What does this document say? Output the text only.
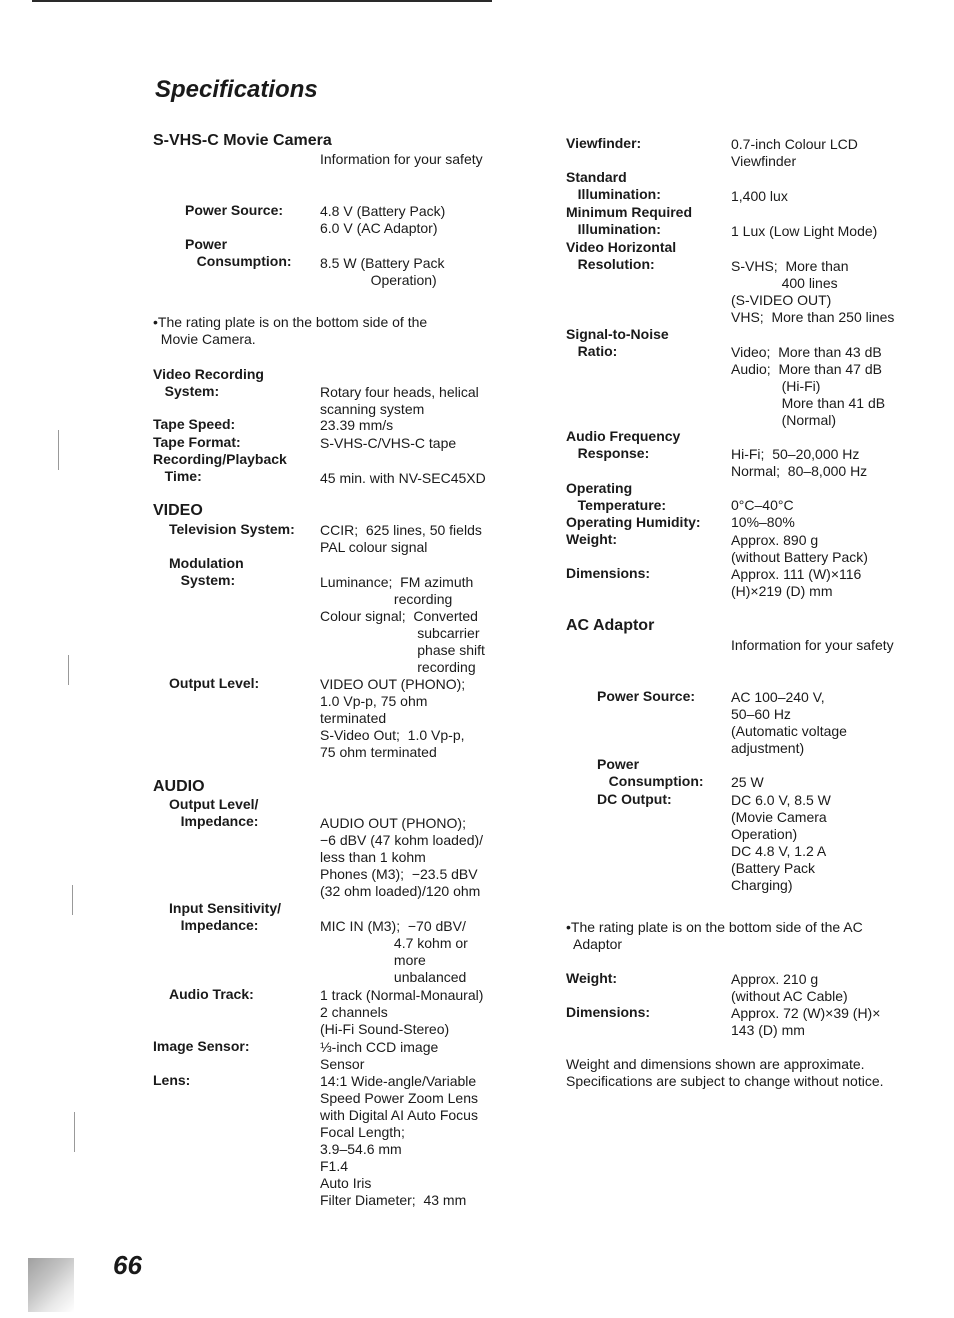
Specifications
S-VHS-C Movie Camera
Information for your safety
Power Source:	4.8 V (Battery Pack)
6.0 V (AC Adaptor)
Power
Consumption: 8.5 W (Battery Pack
Operation)
•The rating plate is on the bottom side of the
Movie Camera.
Video Recording
System:	Rotary four heads, helical
scanning system
Tape Speed:	23.39 mm/s
Tape Format:	S-VHS-C/VHS-C tape
Recording/Playback
Time:	45 min. with NV-SEC45XD
VIDEO
Television System: CCIR;  625 lines, 50 fields
PAL colour signal
Modulation
System:	Luminance;  FM azimuth
recording
Colour signal;  Converted
subcarrier
phase shift
recording
Output Level:	VIDEO OUT (PHONO);
1.0 Vp-p, 75 ohm
terminated
S-Video Out;  1.0 Vp-p,
75 ohm terminated
AUDIO
Output Level/
Impedance:	AUDIO OUT (PHONO);
−6 dBV (47 kohm loaded)/
less than 1 kohm
Phones (M3);  −23.5 dBV
(32 ohm loaded)/120 ohm
Input Sensitivity/
Impedance:	MIC IN (M3);  −70 dBV/
4.7 kohm or
more
unbalanced
Audio Track:	1 track (Normal-Monaural)
2 channels
(Hi-Fi Sound-Stereo)
Image Sensor:	⅓-inch CCD image
Sensor
Lens:	14:1 Wide-angle/Variable
Speed Power Zoom Lens
with Digital AI Auto Focus
Focal Length;
3.9–54.6 mm
F1.4
Auto Iris
Filter Diameter;  43 mm
Viewfinder:	0.7-inch Colour LCD
Viewfinder
Standard
Illumination:	1,400 lux
Minimum Required
Illumination:	1 Lux (Low Light Mode)
Video Horizontal
Resolution:	S-VHS;  More than
400 lines
(S-VIDEO OUT)
VHS;  More than 250 lines
Signal-to-Noise
Ratio:	Video;  More than 43 dB
Audio;  More than 47 dB
(Hi-Fi)
More than 41 dB
(Normal)
Audio Frequency
Response:	Hi-Fi;  50–20,000 Hz
Normal;  80–8,000 Hz
Operating
Temperature:	0°C–40°C
Operating Humidity: 10%–80%
Weight:	Approx. 890 g
(without Battery Pack)
Dimensions:	Approx. 111 (W)×116
(H)×219 (D) mm
AC Adaptor
Information for your safety
Power Source:	AC 100–240 V,
50–60 Hz
(Automatic voltage
adjustment)
Power
Consumption: 25 W
DC Output:	DC 6.0 V, 8.5 W
(Movie Camera
Operation)
DC 4.8 V, 1.2 A
(Battery Pack
Charging)
•The rating plate is on the bottom side of the AC
Adaptor
Weight:	Approx. 210 g
(without AC Cable)
Dimensions:	Approx. 72 (W)×39 (H)×
143 (D) mm
Weight and dimensions shown are approximate.
Specifications are subject to change without notice.
66
